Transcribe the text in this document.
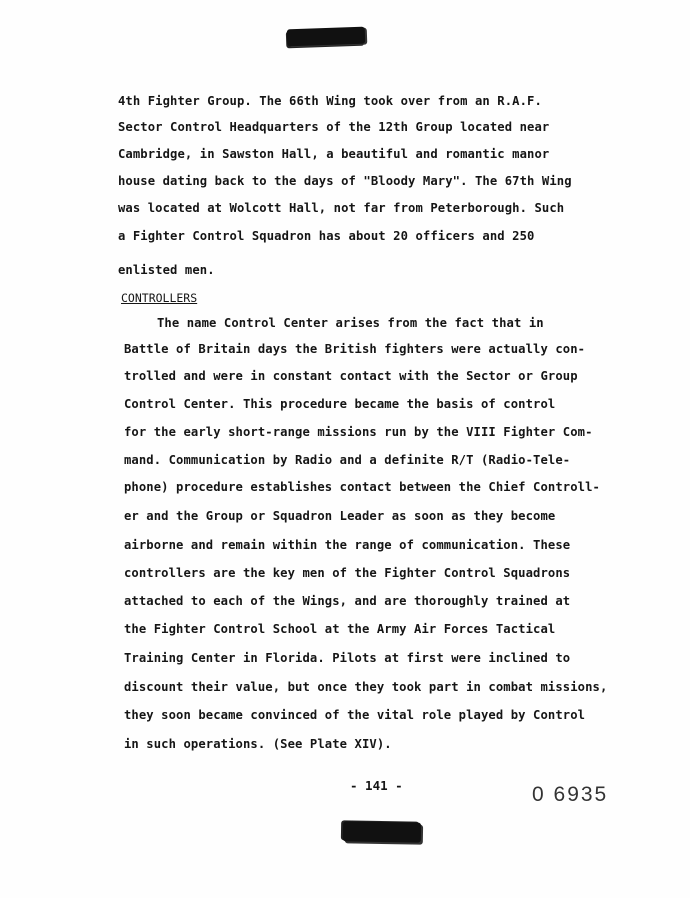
4th Fighter Group. The 66th Wing took over from an R.A.F.
Sector Control Headquarters of the 12th Group located near
Cambridge, in Sawston Hall, a beautiful and romantic manor
house dating back to the days of "Bloody Mary". The 67th Wing
was located at Wolcott Hall, not far from Peterborough. Such
a Fighter Control Squadron has about 20 officers and 250
enlisted men.
CONTROLLERS
The name Control Center arises from the fact that in
Battle of Britain days the British fighters were actually con-
trolled and were in constant contact with the Sector or Group
Control Center. This procedure became the basis of control
for the early short-range missions run by the VIII Fighter Com-
mand. Communication by Radio and a definite R/T (Radio-Tele-
phone) procedure establishes contact between the Chief Controll-
er and the Group or Squadron Leader as soon as they become
airborne and remain within the range of communication. These
controllers are the key men of the Fighter Control Squadrons
attached to each of the Wings, and are thoroughly trained at
the Fighter Control School at the Army Air Forces Tactical
Training Center in Florida. Pilots at first were inclined to
discount their value, but once they took part in combat missions,
they soon became convinced of the vital role played by Control
in such operations. (See Plate XIV).
- 141 -	0 6935
